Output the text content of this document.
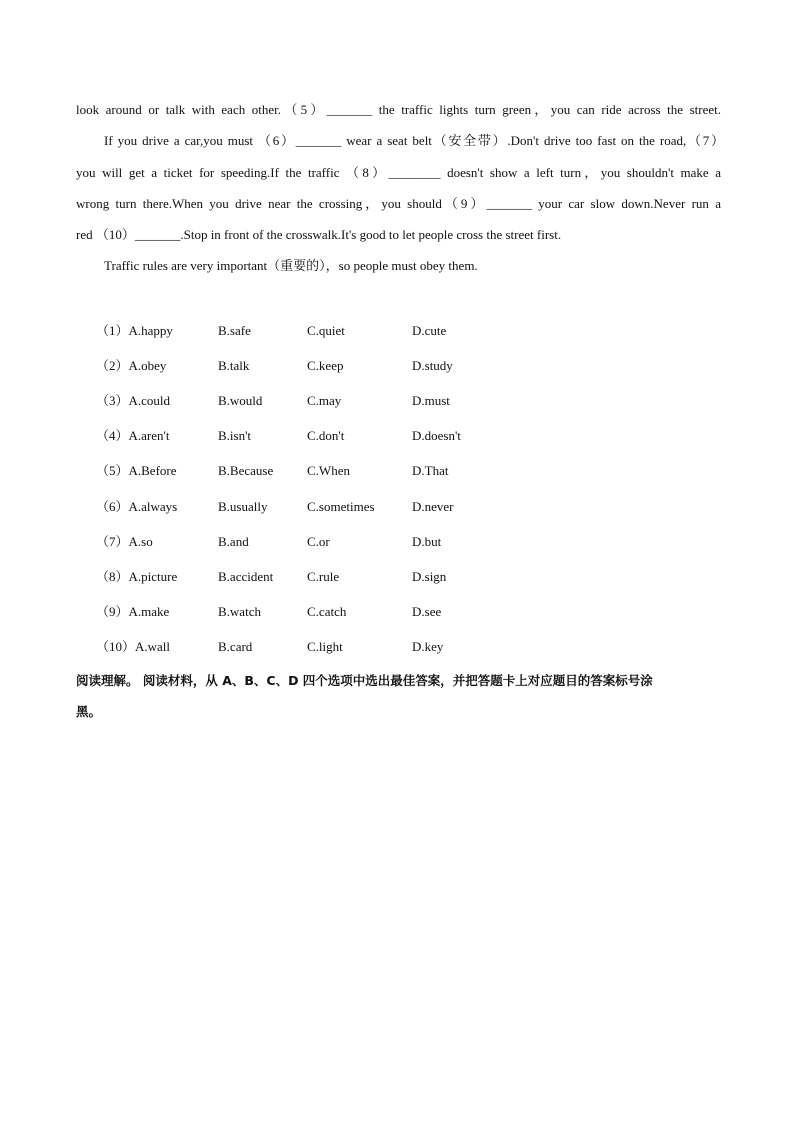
look around or talk with each other.（5）_______ the traffic lights turn green，you can ride across the street.
If you drive a car,you must （6）_______ wear a seat belt（安全带）.Don't drive too fast on the road,（7）
you will get a ticket for speeding.If the traffic （8）________ doesn't show a left turn，you shouldn't make a
wrong turn there.When you drive near the crossing，you should（9）_______ your car slow down.Never run a
red （10）_______.Stop in front of the crosswalk.It's good to let people cross the street first.
Traffic rules are very important（重要的），so people must obey them.
（1）A.happy	B.safe	C.quiet	D.cute
（2）A.obey	B.talk	C.keep	D.study
（3）A.could	B.would	C.may	D.must
（4）A.aren't	B.isn't	C.don't	D.doesn't
（5）A.Before	B.Because	C.When	D.That
（6）A.always	B.usually	C.sometimes	D.never
（7）A.so	B.and	C.or	D.but
（8）A.picture	B.accident	C.rule	D.sign
（9）A.make	B.watch	C.catch	D.see
（10）A.wall	B.card	C.light	D.key
阅读理解。 阅读材料，从 A、B、C、D 四个选项中选出最佳答案，并把答题卡上对应题目的答案标号涂
黑。
